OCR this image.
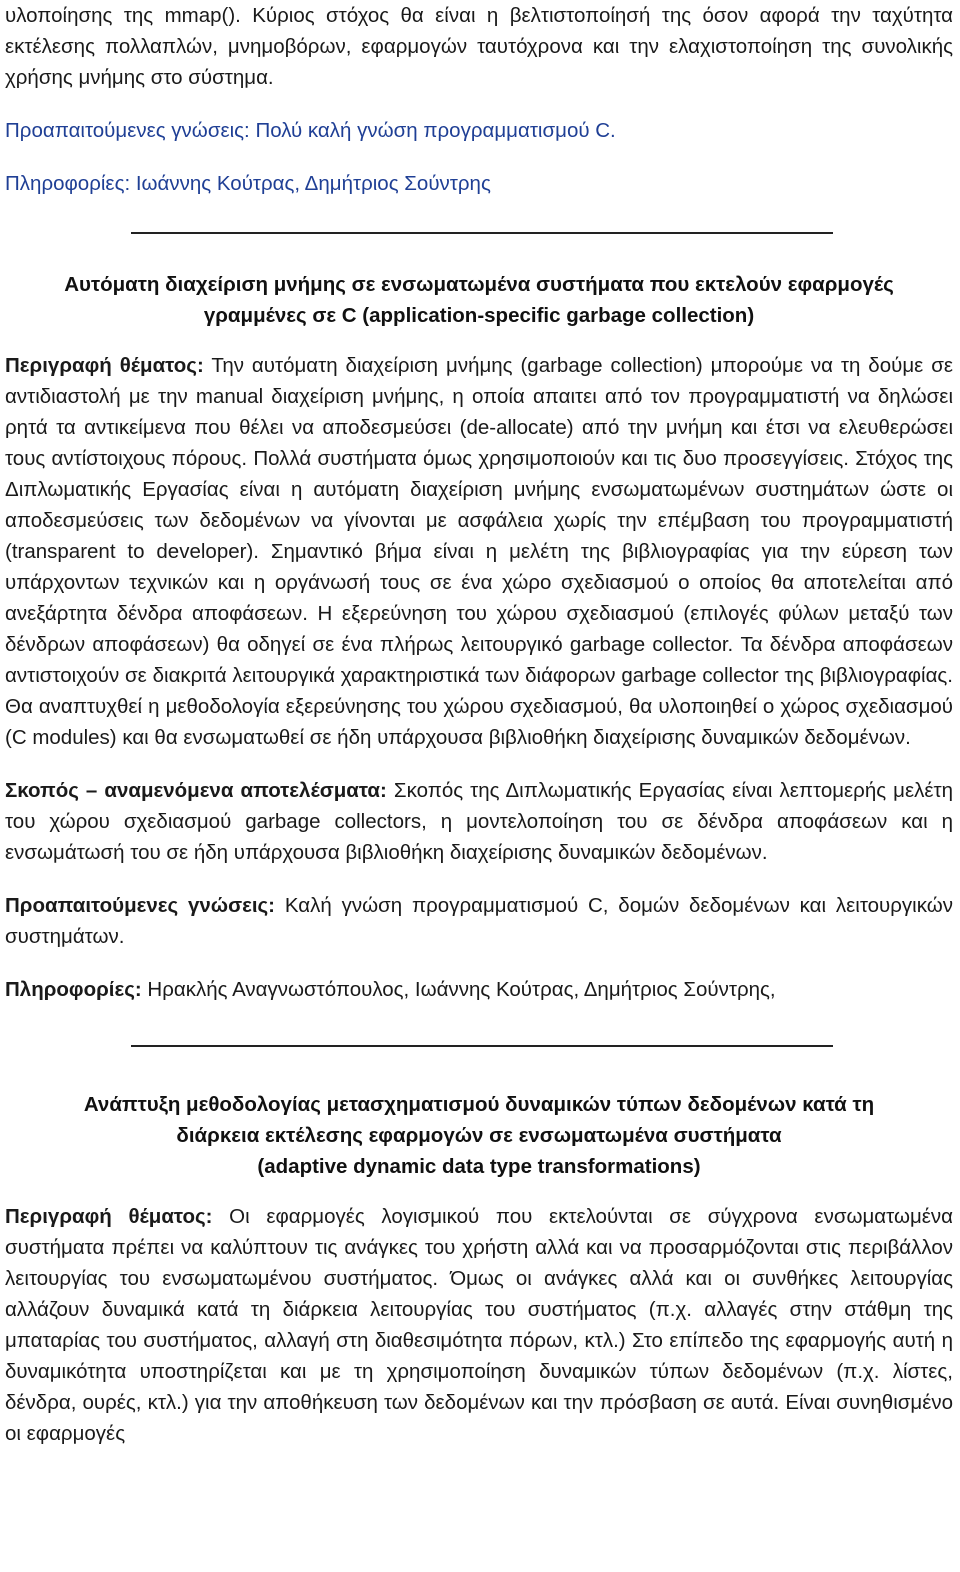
υλοποίησης της mmap(). Κύριος στόχος θα είναι η βελτιστοποίησή της όσον αφορά την ταχύτητα εκτέλεσης πολλαπλών, μνημοβόρων, εφαρμογών ταυτόχρονα και την ελαχιστοποίηση της συνολικής χρήσης μνήμης στο σύστημα.

Προαπαιτούμενες γνώσεις: Πολύ καλή γνώση προγραμματισμού C.

Πληροφορίες: Ιωάννης Κούτρας, Δημήτριος Σούντρης

Αυτόματη διαχείριση μνήμης σε ενσωματωμένα συστήματα που εκτελούν εφαρμογές
γραμμένες σε C (application-specific garbage collection)

Περιγραφή θέματος: Την αυτόματη διαχείριση μνήμης (garbage collection) μπορούμε να τη δούμε σε αντιδιαστολή με την manual διαχείριση μνήμης, η οποία απαιτει από τον προγραμματιστή να δηλώσει ρητά τα αντικείμενα που θέλει να αποδεσμεύσει (de-allocate) από την μνήμη και έτσι να ελευθερώσει τους αντίστοιχους πόρους. Πολλά συστήματα όμως χρησιμοποιούν και τις δυο προσεγγίσεις. Στόχος της Διπλωματικής Εργασίας είναι η αυτόματη διαχείριση μνήμης ενσωματωμένων συστημάτων ώστε οι αποδεσμεύσεις των δεδομένων να γίνονται με ασφάλεια χωρίς την επέμβαση του προγραμματιστή (transparent to developer). Σημαντικό βήμα είναι η μελέτη της βιβλιογραφίας για την εύρεση των υπάρχοντων τεχνικών και η οργάνωσή τους σε ένα χώρο σχεδιασμού ο οποίος θα αποτελείται από ανεξάρτητα δένδρα αποφάσεων. Η εξερεύνηση του χώρου σχεδιασμού (επιλογές φύλων μεταξύ των δένδρων αποφάσεων) θα οδηγεί σε ένα πλήρως λειτουργικό garbage collector. Τα δένδρα αποφάσεων αντιστοιχούν σε διακριτά λειτουργικά χαρακτηριστικά των διάφορων garbage collector της βιβλιογραφίας. Θα αναπτυχθεί η μεθοδολογία εξερεύνησης του χώρου σχεδιασμού, θα υλοποιηθεί ο χώρος σχεδιασμού (C modules) και θα ενσωματωθεί σε ήδη υπάρχουσα βιβλιοθήκη διαχείρισης δυναμικών δεδομένων.

Σκοπός – αναμενόμενα αποτελέσματα: Σκοπός της Διπλωματικής Εργασίας είναι λεπτομερής μελέτη του χώρου σχεδιασμού garbage collectors, η μοντελοποίηση του σε δένδρα αποφάσεων και η ενσωμάτωσή του σε ήδη υπάρχουσα βιβλιοθήκη διαχείρισης δυναμικών δεδομένων.

Προαπαιτούμενες γνώσεις: Καλή γνώση προγραμματισμού C, δομών δεδομένων και λειτουργικών συστημάτων.

Πληροφορίες: Ηρακλής Αναγνωστόπουλος, Ιωάννης Κούτρας, Δημήτριος Σούντρης,

Ανάπτυξη μεθοδολογίας μετασχηματισμού δυναμικών τύπων δεδομένων κατά τη
διάρκεια εκτέλεσης εφαρμογών σε ενσωματωμένα συστήματα
(adaptive dynamic data type transformations)

Περιγραφή θέματος: Οι εφαρμογές λογισμικού που εκτελούνται σε σύγχρονα ενσωματωμένα συστήματα πρέπει να καλύπτουν τις ανάγκες του χρήστη αλλά και να προσαρμόζονται στις περιβάλλον λειτουργίας του ενσωματωμένου συστήματος. Όμως οι ανάγκες αλλά και οι συνθήκες λειτουργίας αλλάζουν δυναμικά κατά τη διάρκεια λειτουργίας του συστήματος (π.χ. αλλαγές στην στάθμη της μπαταρίας του συστήματος, αλλαγή στη διαθεσιμότητα πόρων, κτλ.) Στο επίπεδο της εφαρμογής αυτή η δυναμικότητα υποστηρίζεται και με τη χρησιμοποίηση δυναμικών τύπων δεδομένων (π.χ. λίστες, δένδρα, ουρές, κτλ.) για την αποθήκευση των δεδομένων και την πρόσβαση σε αυτά. Είναι συνηθισμένο οι εφαρμογές
